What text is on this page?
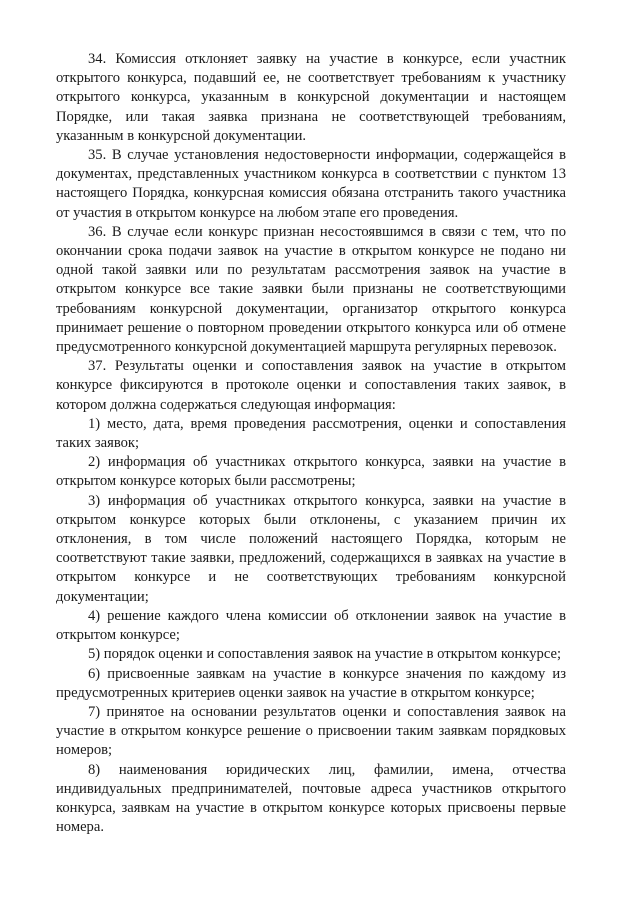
34. Комиссия отклоняет заявку на участие в конкурсе, если участник открытого конкурса, подавший ее, не соответствует требованиям к участнику открытого конкурса, указанным в конкурсной документации и настоящем Порядке, или такая заявка признана не соответствующей требованиям, указанным в конкурсной документации.

35. В случае установления недостоверности информации, содержащейся в документах, представленных участником конкурса в соответствии с пунктом 13 настоящего Порядка, конкурсная комиссия обязана отстранить такого участника от участия в открытом конкурсе на любом этапе его проведения.

36. В случае если конкурс признан несостоявшимся в связи с тем, что по окончании срока подачи заявок на участие в открытом конкурсе не подано ни одной такой заявки или по результатам рассмотрения заявок на участие в открытом конкурсе все такие заявки были признаны не соответствующими требованиям конкурсной документации, организатор открытого конкурса принимает решение о повторном проведении открытого конкурса или об отмене предусмотренного конкурсной документацией маршрута регулярных перевозок.

37. Результаты оценки и сопоставления заявок на участие в открытом конкурсе фиксируются в протоколе оценки и сопоставления таких заявок, в котором должна содержаться следующая информация:

1) место, дата, время проведения рассмотрения, оценки и сопоставления таких заявок;

2) информация об участниках открытого конкурса, заявки на участие в открытом конкурсе которых были рассмотрены;

3) информация об участниках открытого конкурса, заявки на участие в открытом конкурсе которых были отклонены, с указанием причин их отклонения, в том числе положений настоящего Порядка, которым не соответствуют такие заявки, предложений, содержащихся в заявках на участие в открытом конкурсе и не соответствующих требованиям конкурсной документации;

4) решение каждого члена комиссии об отклонении заявок на участие в открытом конкурсе;

5) порядок оценки и сопоставления заявок на участие в открытом конкурсе;

6) присвоенные заявкам на участие в конкурсе значения по каждому из предусмотренных критериев оценки заявок на участие в открытом конкурсе;

7) принятое на основании результатов оценки и сопоставления заявок на участие в открытом конкурсе решение о присвоении таким заявкам порядковых номеров;

8) наименования юридических лиц, фамилии, имена, отчества индивидуальных предпринимателей, почтовые адреса участников открытого конкурса, заявкам на участие в открытом конкурсе которых присвоены первые номера.
